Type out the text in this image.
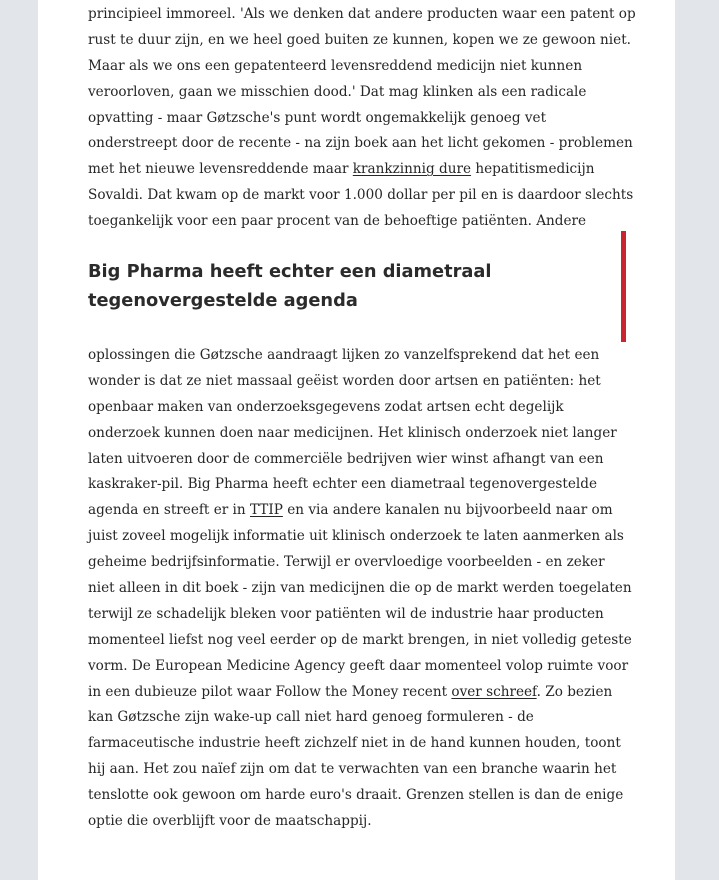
principieel immoreel. 'Als we denken dat andere producten waar een patent op
rust te duur zijn, en we heel goed buiten ze kunnen, kopen we ze gewoon niet.
Maar als we ons een gepatenteerd levensreddend medicijn niet kunnen
veroorloven, gaan we misschien dood.' Dat mag klinken als een radicale
opvatting - maar Gøtzsche's punt wordt ongemakkelijk genoeg vet
onderstreept door de recente - na zijn boek aan het licht gekomen - problemen
met het nieuwe levensreddende maar krankzinnig dure hepatitismedicijn
Sovaldi. Dat kwam op de markt voor 1.000 dollar per pil en is daardoor slechts
toegankelijk voor een paar procent van de behoeftige patiënten. Andere

Big Pharma heeft echter een diametraal
tegenovergestelde agenda

oplossingen die Gøtzsche aandraagt lijken zo vanzelfsprekend dat het een
wonder is dat ze niet massaal geëist worden door artsen en patiënten: het
openbaar maken van onderzoeksgegevens zodat artsen echt degelijk
onderzoek kunnen doen naar medicijnen. Het klinisch onderzoek niet langer
laten uitvoeren door de commerciële bedrijven wier winst afhangt van een
kaskraker-pil. Big Pharma heeft echter een diametraal tegenovergestelde
agenda en streeft er in TTIP en via andere kanalen nu bijvoorbeeld naar om
juist zoveel mogelijk informatie uit klinisch onderzoek te laten aanmerken als
geheime bedrijfsinformatie. Terwijl er overvloedige voorbeelden - en zeker
niet alleen in dit boek - zijn van medicijnen die op de markt werden toegelaten
terwijl ze schadelijk bleken voor patiënten wil de industrie haar producten
momenteel liefst nog veel eerder op de markt brengen, in niet volledig geteste
vorm. De European Medicine Agency geeft daar momenteel volop ruimte voor
in een dubieuze pilot waar Follow the Money recent over schreef. Zo bezien
kan Gøtzsche zijn wake-up call niet hard genoeg formuleren - de
farmaceutische industrie heeft zichzelf niet in de hand kunnen houden, toont
hij aan. Het zou naïef zijn om dat te verwachten van een branche waarin het
tenslotte ook gewoon om harde euro's draait. Grenzen stellen is dan de enige
optie die overblijft voor de maatschappij.
